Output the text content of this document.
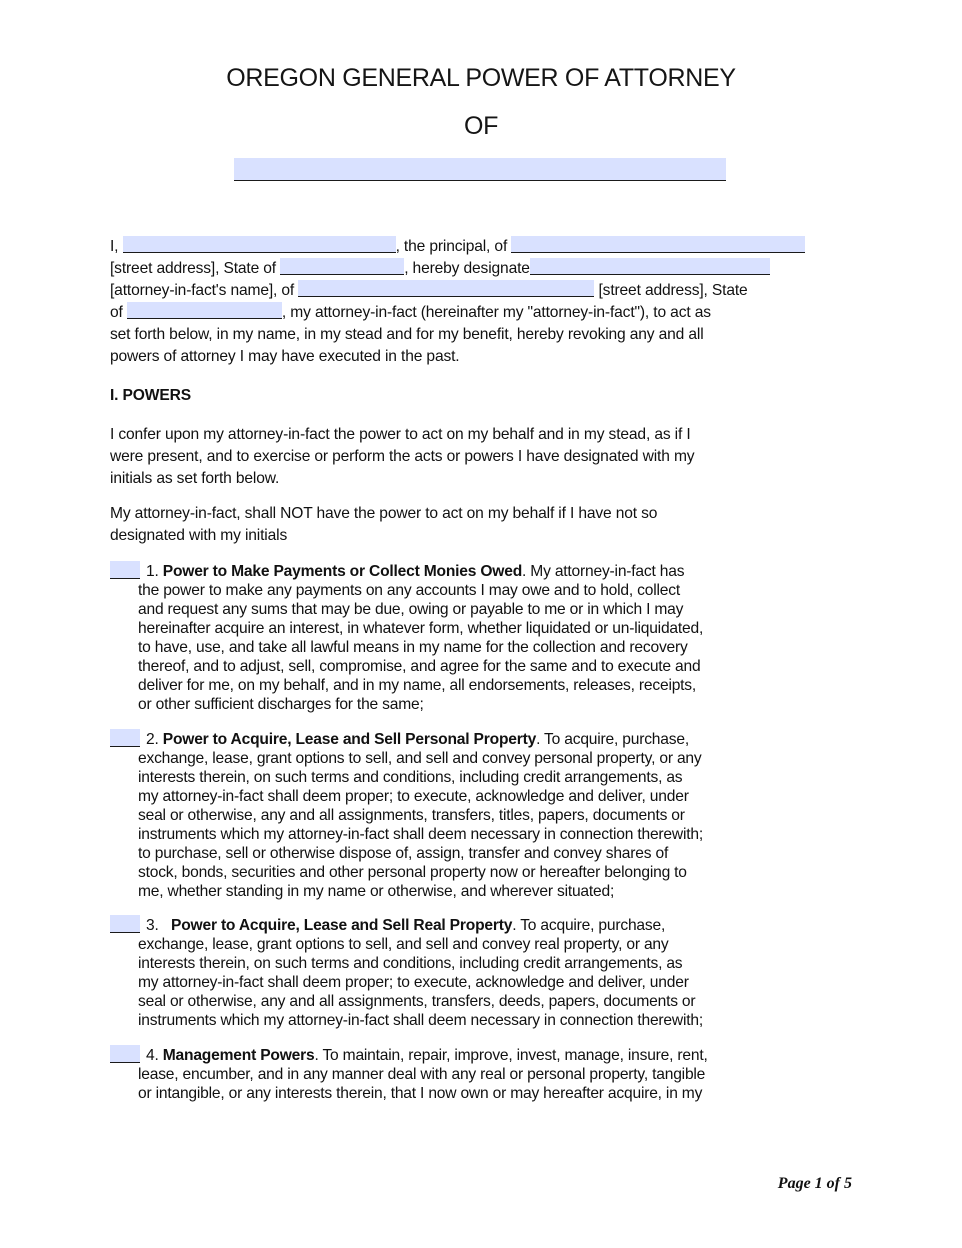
OREGON GENERAL POWER OF ATTORNEY
OF
I,	, the principal, of
[street address], State of	, hereby designate
[attorney-in-fact's name], of	[street address], State
of	, my attorney-in-fact (hereinafter my "attorney-in-fact"), to act as
set forth below, in my name, in my stead and for my benefit, hereby revoking any and all
powers of attorney I may have executed in the past.
I. POWERS
I confer upon my attorney-in-fact the power to act on my behalf and in my stead, as if I
were present, and to exercise or perform the acts or powers I have designated with my
initials as set forth below.
My attorney-in-fact, shall NOT have the power to act on my behalf if I have not so
designated with my initials
1. Power to Make Payments or Collect Monies Owed. My attorney-in-fact has
the power to make any payments on any accounts I may owe and to hold, collect
and request any sums that may be due, owing or payable to me or in which I may
hereinafter acquire an interest, in whatever form, whether liquidated or un-liquidated,
to have, use, and take all lawful means in my name for the collection and recovery
thereof, and to adjust, sell, compromise, and agree for the same and to execute and
deliver for me, on my behalf, and in my name, all endorsements, releases, receipts,
or other sufficient discharges for the same;
2. Power to Acquire, Lease and Sell Personal Property. To acquire, purchase,
exchange, lease, grant options to sell, and sell and convey personal property, or any
interests therein, on such terms and conditions, including credit arrangements, as
my attorney-in-fact shall deem proper; to execute, acknowledge and deliver, under
seal or otherwise, any and all assignments, transfers, titles, papers, documents or
instruments which my attorney-in-fact shall deem necessary in connection therewith;
to purchase, sell or otherwise dispose of, assign, transfer and convey shares of
stock, bonds, securities and other personal property now or hereafter belonging to
me, whether standing in my name or otherwise, and wherever situated;
3. Power to Acquire, Lease and Sell Real Property. To acquire, purchase,
exchange, lease, grant options to sell, and sell and convey real property, or any
interests therein, on such terms and conditions, including credit arrangements, as
my attorney-in-fact shall deem proper; to execute, acknowledge and deliver, under
seal or otherwise, any and all assignments, transfers, deeds, papers, documents or
instruments which my attorney-in-fact shall deem necessary in connection therewith;
4. Management Powers. To maintain, repair, improve, invest, manage, insure, rent,
lease, encumber, and in any manner deal with any real or personal property, tangible
or intangible, or any interests therein, that I now own or may hereafter acquire, in my
Page 1 of 5
